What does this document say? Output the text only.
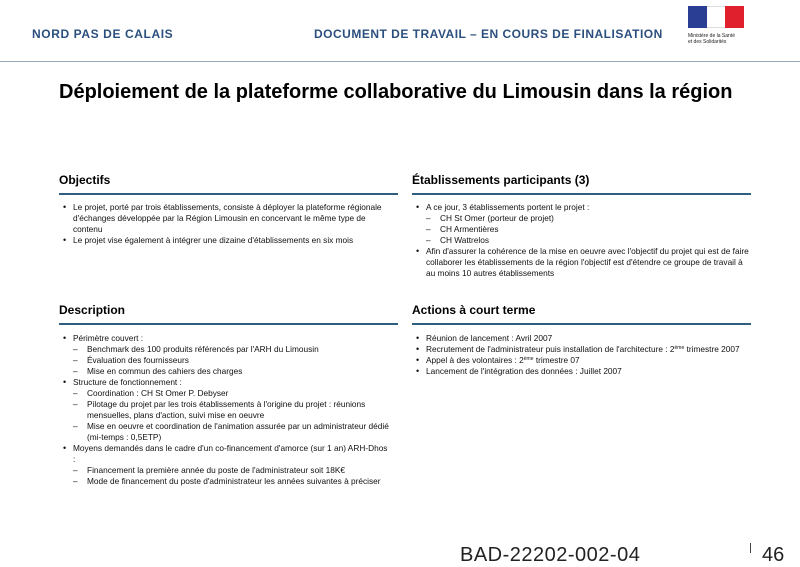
NORD PAS DE CALAIS	DOCUMENT DE TRAVAIL – EN COURS DE FINALISATION	Ministère de la Santé
et des Solidarités
Déploiement de la plateforme collaborative du Limousin dans la région
Objectifs
• Le projet, porté par trois établissements, consiste à déployer la plateforme régionale d'échanges développée par la Région Limousin en concervant le même type de contenu
• Le projet vise également à intégrer une dizaine d'établissements en six mois
Établissements participants (3)
• A ce jour, 3 établissements portent le projet :
– CH St Omer (porteur de projet)
– CH Armentières
– CH Wattrelos
• Afin d'assurer la cohérence de la mise en oeuvre avec l'objectif du projet qui est de faire collaborer les établissements de la région l'objectif est d'étendre ce groupe de travail à au moins 10 autres établissements
Description
• Périmètre couvert :
– Benchmark des 100 produits référencés par l'ARH du Limousin
– Évaluation des fournisseurs
– Mise en commun des cahiers des charges
• Structure de fonctionnement :
– Coordination : CH St Omer P. Debyser
– Pilotage du projet par les trois établissements à l'origine du projet : réunions mensuelles, plans d'action, suivi mise en oeuvre
– Mise en oeuvre et coordination de l'animation assurée par un administrateur dédié (mi-temps : 0,5ETP)
• Moyens demandés dans le cadre d'un co-financement d'amorce (sur 1 an) ARH-Dhos :
– Financement la première année du poste de l'administrateur soit 18K€
– Mode de financement du poste d'administrateur les années suivantes à préciser
Actions à court terme
• Réunion de lancement : Avril 2007
• Recrutement de l'administrateur puis installation de l'architecture : 2ème trimestre 2007
• Appel à des volontaires : 2ème trimestre 07
• Lancement de l'intégration des données : Juillet 2007
BAD-22202-002-04	46
